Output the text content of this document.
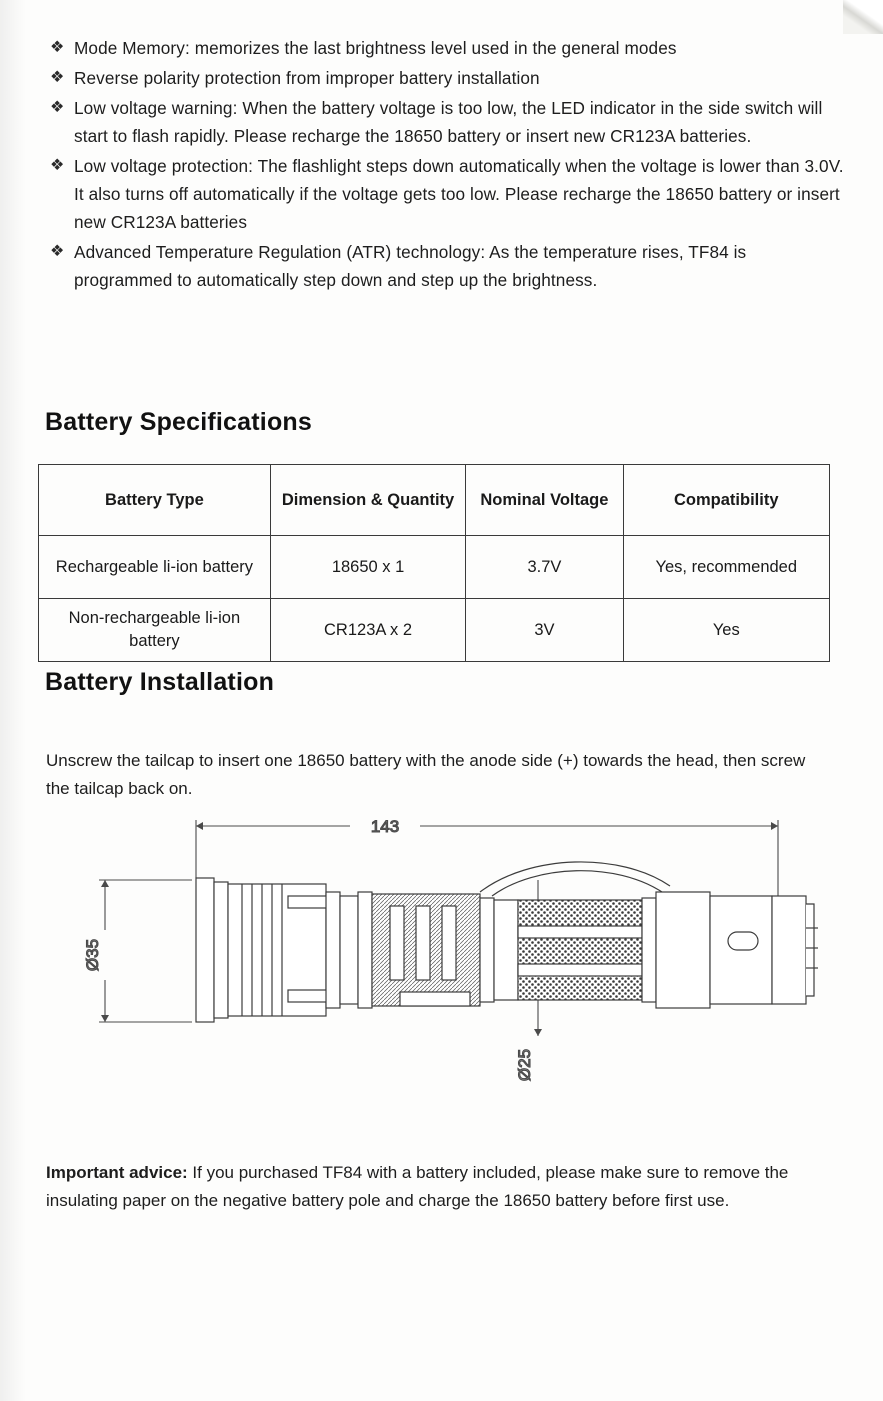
❖ Mode Memory: memorizes the last brightness level used in the general modes
❖ Reverse polarity protection from improper battery installation
❖ Low voltage warning: When the battery voltage is too low, the LED indicator in the side switch will start to flash rapidly. Please recharge the 18650 battery or insert new CR123A batteries.
❖ Low voltage protection: The flashlight steps down automatically when the voltage is lower than 3.0V. It also turns off automatically if the voltage gets too low. Please recharge the 18650 battery or insert new CR123A batteries
❖ Advanced Temperature Regulation (ATR) technology: As the temperature rises, TF84 is programmed to automatically step down and step up the brightness.
Battery Specifications
Battery Type	Dimension & Quantity	Nominal Voltage	Compatibility
Rechargeable li-ion battery	18650 x 1	3.7V	Yes, recommended
Non-rechargeable li-ion battery	CR123A x 2	3V	Yes
Battery Installation

Unscrew the tailcap to insert one 18650 battery with the anode side (+) towards the head, then screw the tailcap back on.

143
Ø35
Ø25

Important advice: If you purchased TF84 with a battery included, please make sure to remove the insulating paper on the negative battery pole and charge the 18650 battery before first use.
